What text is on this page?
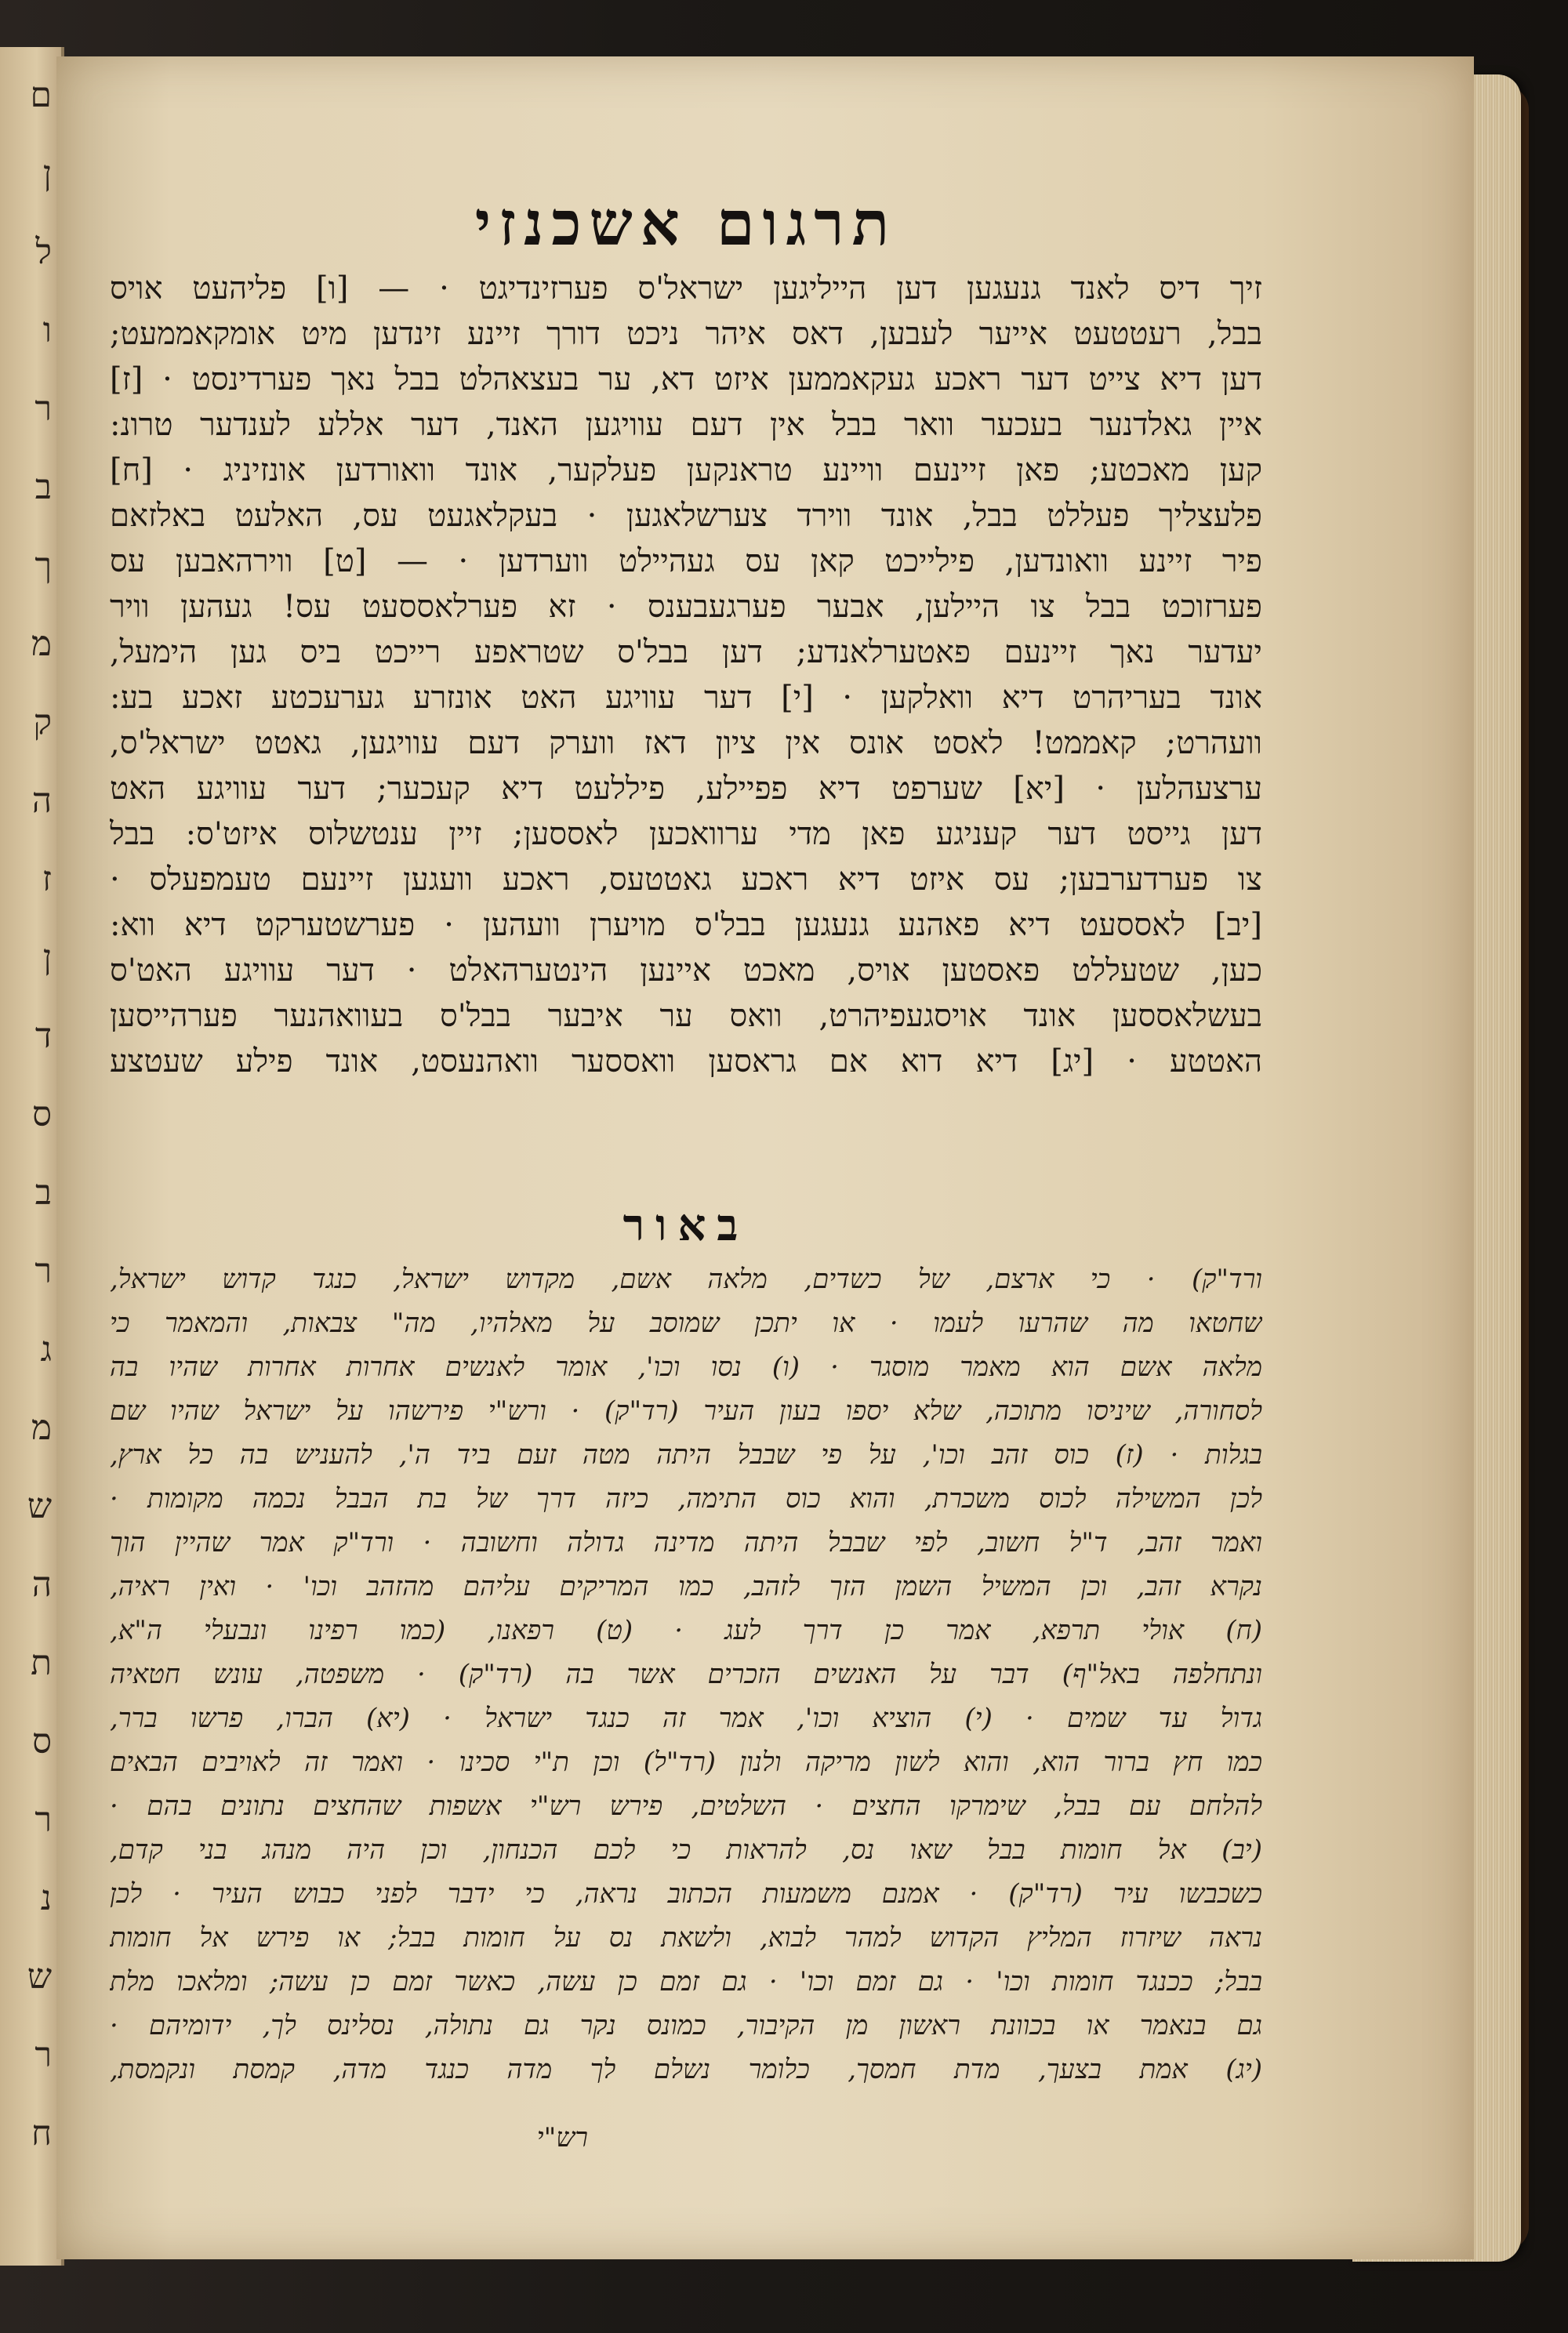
ם
ן
ל
ו
ר
ב
ך
מ
ק
ה
ז
ן
ד
ס
ב
ר
ג
מ
ש
ה
ת
ס
ר
נ
ש
ר
ח
תרגום אשכנזי
זיך דיס לאנד גנעגען דען הייליגען ישראל'ס פערזינדיגט · — [ו] פליהעט אויס
בבל, רעטטעט אייער לעבען, דאס איהר ניכט דורך זיינע זינדען מיט אומקאממעט;
דען דיא צייט דער ראכע געקאממען איזט דא, ער בעצאהלט בבל נאך פערדינסט · [ז]
איין גאלדנער בעכער וואר בבל אין דעם עוויגען האנד, דער אללע לענדער טרונ:
קען מאכטע; פאן זיינעם וויינע טראנקען פעלקער, אונד וואורדען אונזיניג · [ח]
פלעצליך פעללט בבל, אונד ווירד צערשלאגען · בעקלאגעט עס, האלעט באלזאם
פיר זיינע וואונדען, פילייכט קאן עס געהיילט ווערדען · — [ט] ווירהאבען עס
פערזוכט בבל צו היילען, אבער פערגעבענס · זא פערלאססעט עס! געהען וויר
יעדער נאך זיינעם פאטערלאנדע; דען בבל'ס שטראפע רייכט ביס גען הימעל,
אונד בעריהרט דיא וואלקען · [י] דער עוויגע האט אונזרע גערעכטע זאכע בע:
וועהרט; קאממט! לאסט אונס אין ציון דאז ווערק דעם עוויגען, גאטט ישראל'ס,
ערצעהלען · [יא] שערפט דיא פפיילע, פיללעט דיא קעכער; דער עוויגע האט
דען גייסט דער קעניגע פאן מדי ערוואכען לאססען; זיין ענטשלוס איזט'ס: בבל
צו פערדערבען; עס איזט דיא ראכע גאטטעס, ראכע וועגען זיינעם טעמפעלס ·
[יב] לאססעט דיא פאהנע גנעגען בבל'ס מויערן וועהען · פערשטערקט דיא ווא:
כען, שטעללט פאסטען אויס, מאכט איינען הינטערהאלט · דער עוויגע האט'ס
בעשלאססען אונד אויסגעפיהרט, וואס ער איבער בבל'ס בעוואהנער פערהייסען
האטטע · [יג] דיא דוא אם גראסען וואססער וואהנעסט, אונד פילע שעטצע
באור
ורד"ק) · כי ארצם, של כשדים, מלאה אשם, מקדוש ישראל, כנגד קדוש ישראל,
שחטאו מה שהרעו לעמו · או יתכן שמוסב על מאלהיו, מה" צבאות, והמאמר כי
מלאה אשם הוא מאמר מוסגר · (ו) נסו וכו', אומר לאנשים אחרות אחרות שהיו בה
לסחורה, שיניסו מתוכה, שלא יספו בעון העיר (רד"ק) · ורש"י פירשהו על ישראל שהיו שם
בגלות · (ז) כוס זהב וכו', על פי שבבל היתה מטה זעם ביד ה', להעניש בה כל ארץ,
לכן המשילה לכוס משכרת, והוא כוס התימה, כיזה דרך של בת הבבל נכמה מקומות ·
ואמר זהב, ד"ל חשוב, לפי שבבל היתה מדינה גדולה וחשובה · ורד"ק אמר שהיין הוך
נקרא זהב, וכן המשיל השמן הזך לזהב, כמו המריקים עליהם מהזהב וכו' · ואין ראיה,
(ח) אולי תרפא, אמר כן דרך לעג · (ט) רפאנו, (כמו רפינו ונבעלי ה"א,
ונתחלפה באל"ף) דבר על האנשים הזכרים אשר בה (רד"ק) · משפטה, עונש חטאיה
גדול עד שמים · (י) הוציא וכו', אמר זה כנגד ישראל · (יא) הברו, פרשו ברר,
כמו חץ ברור הוא, והוא לשון מריקה ולנון (רד"ל) וכן ת"י סכינו · ואמר זה לאויבים הבאים
להלחם עם בבל, שימרקו החצים · השלטים, פירש רש"י אשפות שהחצים נתונים בהם ·
(יב) אל חומות בבל שאו נס, להראות כי לכם הכנחון, וכן היה מנהג בני קדם,
כשכבשו עיר (רד"ק) · אמנם משמעות הכתוב נראה, כי ידבר לפני כבוש העיר · לכן
נראה שיזרוז המליץ הקדוש למהר לבוא, ולשאת נס על חומות בבל; או פירש אל חומות
בבל; ככנגד חומות וכו' · גם זמם וכו' · גם זמם כן עשה, כאשר זמם כן עשה; ומלאכו מלת
גם בנאמר או בכוונת ראשון מן הקיבור, כמונס נקר גם נתולה, נסלינס לך, ידומיהם ·
(יג) אמת בצעך, מדת חמסך, כלומר נשלם לך מדה כנגד מדה, קמסת ונקמסת,
רש"י
